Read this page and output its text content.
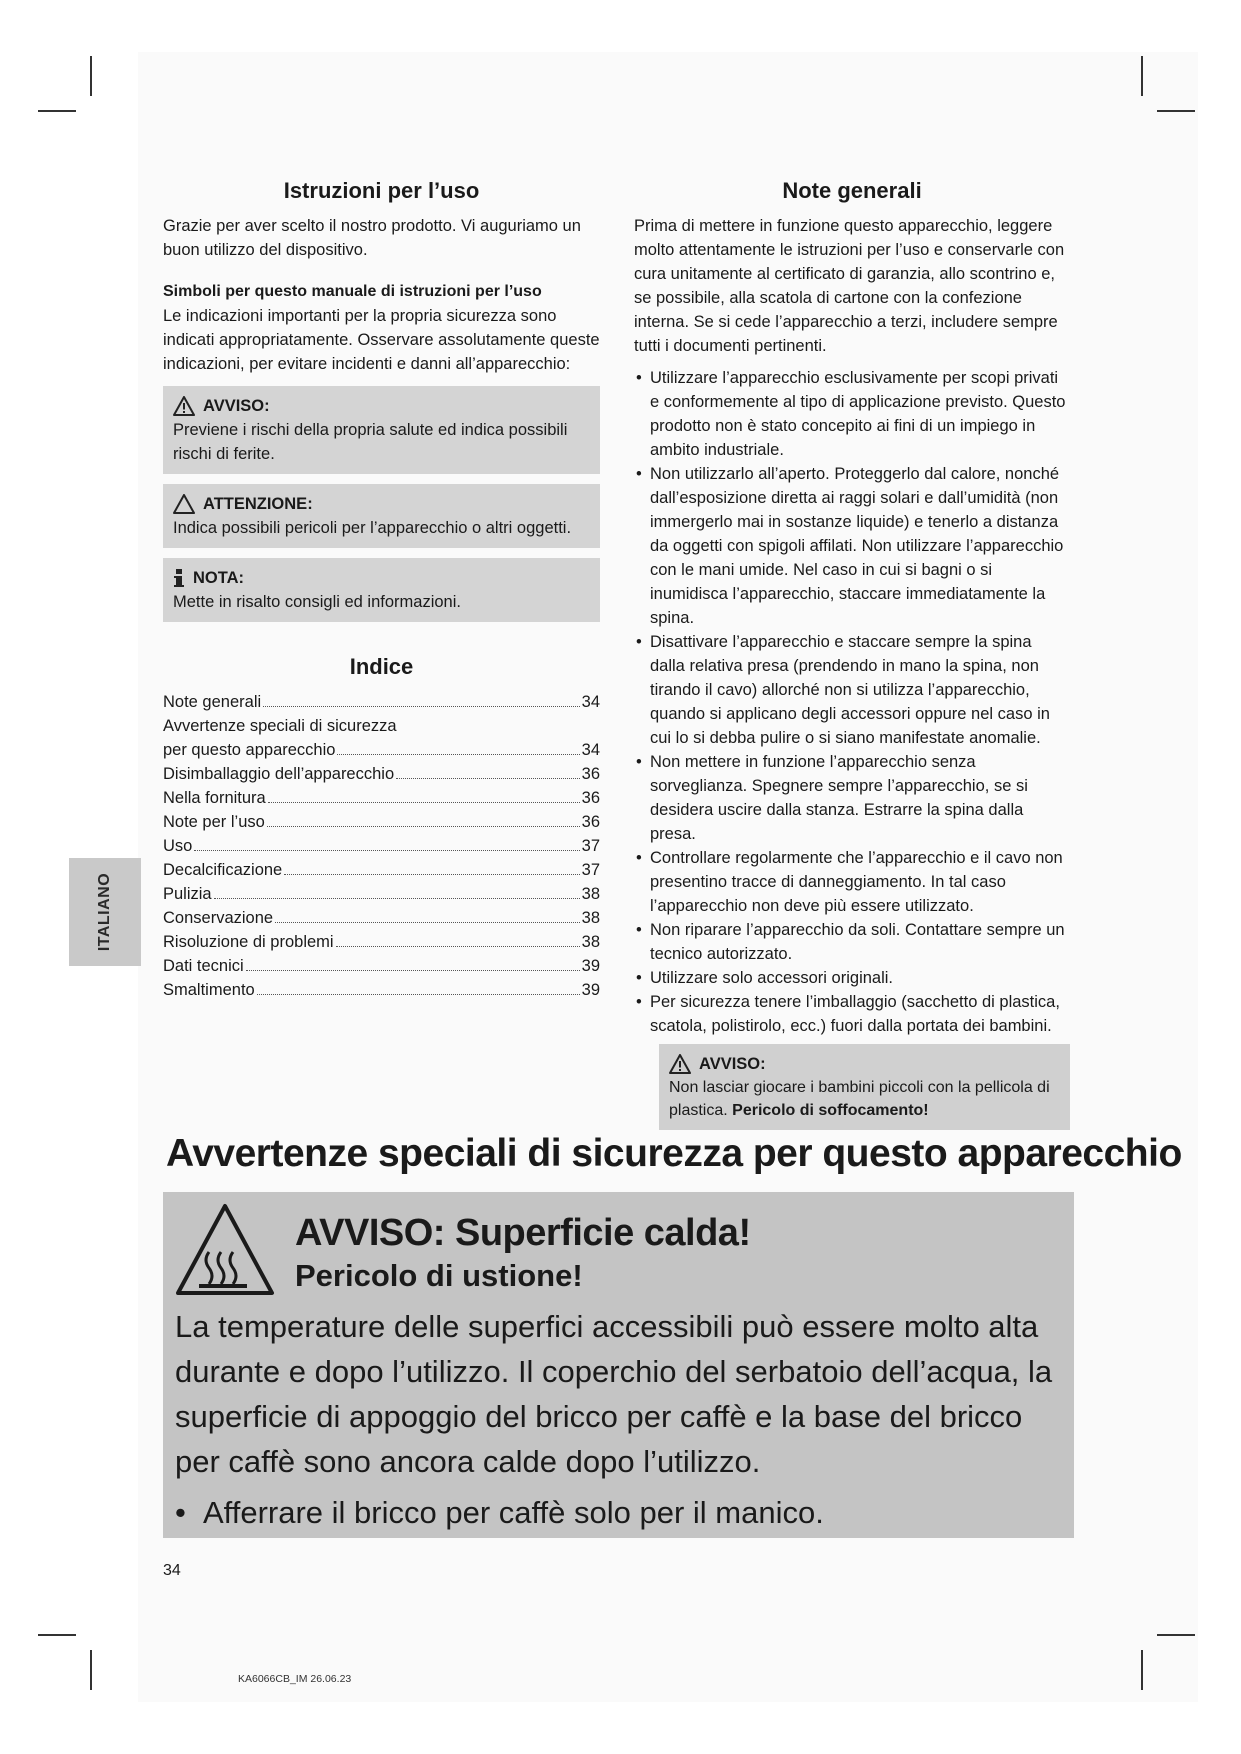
ITALIANO
Istruzioni per l’uso

Grazie per aver scelto il nostro prodotto. Vi auguriamo un buon utilizzo del dispositivo.

Simboli per questo manuale di istruzioni per l’uso

Le indicazioni importanti per la propria sicurezza sono indicati appropriatamente. Osservare assolutamente queste indicazioni, per evitare incidenti e danni all’apparecchio:

AVVISO:

Previene i rischi della propria salute ed indica possibili rischi di ferite.

ATTENZIONE:

Indica possibili pericoli per l’apparecchio o altri oggetti.

NOTA:

Mette in risalto consigli ed informazioni.

Indice
Note generali	34
Avvertenze speciali di sicurezza
per questo apparecchio	34
Disimballaggio dell’apparecchio	36
Nella fornitura	36
Note per l’uso	36
Uso	37
Decalcificazione	37
Pulizia	38
Conservazione	38
Risoluzione di problemi	38
Dati tecnici	39
Smaltimento	39
Note generali

Prima di mettere in funzione questo apparecchio, leggere molto attentamente le istruzioni per l’uso e conservarle con cura unitamente al certificato di garanzia, allo scontrino e, se possibile, alla scatola di cartone con la confezione interna. Se si cede l’apparecchio a terzi, includere sempre tutti i documenti pertinenti.

• Utilizzare l’apparecchio esclusivamente per scopi privati e conformemente al tipo di applicazione previsto. Questo prodotto non è stato concepito ai fini di un impiego in ambito industriale.
• Non utilizzarlo all’aperto. Proteggerlo dal calore, nonché dall’esposizione diretta ai raggi solari e dall’umidità (non immergerlo mai in sostanze liquide) e tenerlo a distanza da oggetti con spigoli affilati. Non utilizzare l’apparecchio con le mani umide. Nel caso in cui si bagni o si inumidisca l’apparecchio, staccare immediatamente la spina.
• Disattivare l’apparecchio e staccare sempre la spina dalla relativa presa (prendendo in mano la spina, non tirando il cavo) allorché non si utilizza l’apparecchio, quando si applicano degli accessori oppure nel caso in cui lo si debba pulire o si siano manifestate anomalie.
• Non mettere in funzione l’apparecchio senza sorveglianza. Spegnere sempre l’apparecchio, se si desidera uscire dalla stanza. Estrarre la spina dalla presa.
• Controllare regolarmente che l’apparecchio e il cavo non presentino tracce di danneggiamento. In tal caso l’apparecchio non deve più essere utilizzato.
• Non riparare l’apparecchio da soli. Contattare sempre un tecnico autorizzato.
• Utilizzare solo accessori originali.
• Per sicurezza tenere l’imballaggio (sacchetto di plastica, scatola, polistirolo, ecc.) fuori dalla portata dei bambini.
AVVISO:

Non lasciar giocare i bambini piccoli con la pellicola di plastica. Pericolo di soffocamento!

Avvertenze speciali di sicurezza per questo apparecchio
AVVISO: Superficie calda!
Pericolo di ustione!

La temperature delle superfici accessibili può essere molto alta durante e dopo l’utilizzo. Il coperchio del serbatoio dell’acqua, la superficie di appoggio del bricco per caffè e la base del bricco per caffè sono ancora calde dopo l’utilizzo.

• Afferrare il bricco per caffè solo per il manico.
34
KA6066CB_IM 26.06.23
